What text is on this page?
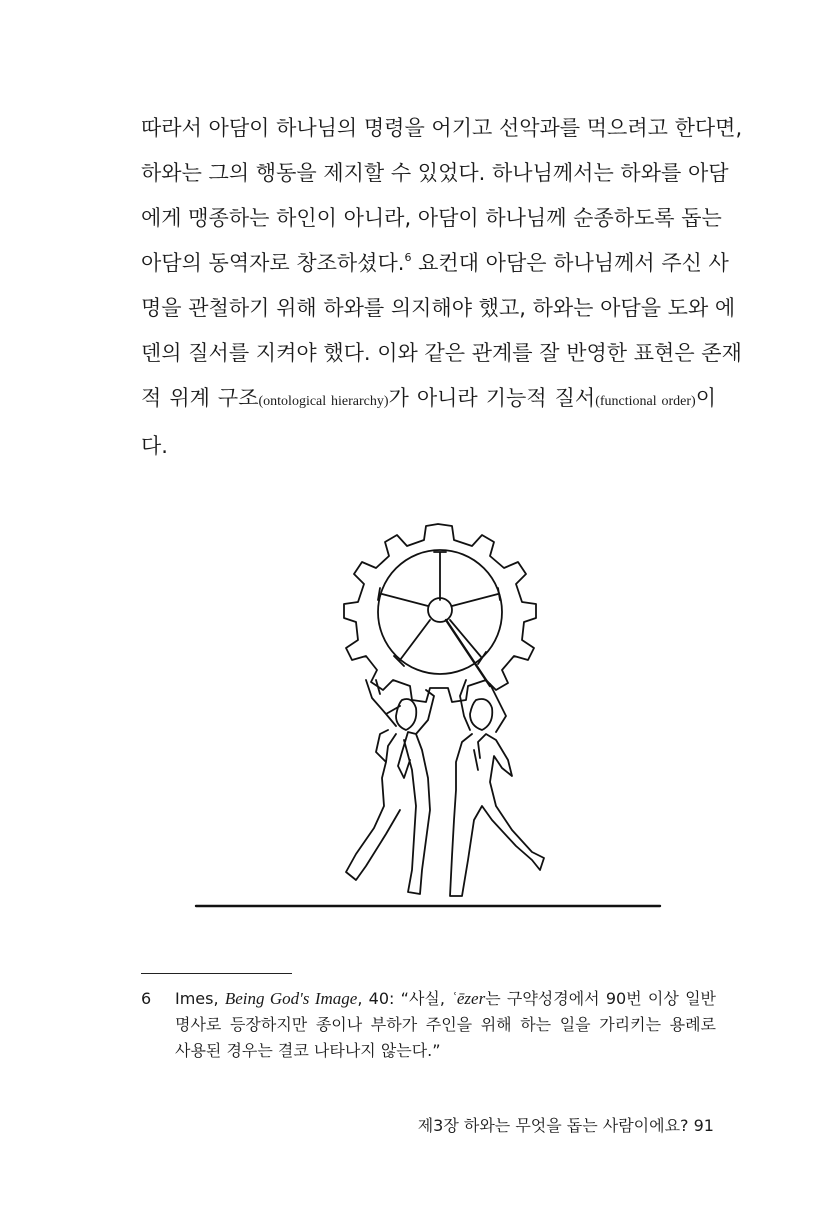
따라서 아담이 하나님의 명령을 어기고 선악과를 먹으려고 한다면,
하와는 그의 행동을 제지할 수 있었다. 하나님께서는 하와를 아담
에게 맹종하는 하인이 아니라, 아담이 하나님께 순종하도록 돕는
아담의 동역자로 창조하셨다.$^6$ 요컨대 아담은 하나님께서 주신 사
명을 관철하기 위해 하와를 의지해야 했고, 하와는 아담을 도와 에
덴의 질서를 지켜야 했다. 이와 같은 관계를 잘 반영한 표현은 존재
적 위계 구조(ontological hierarchy)가 아니라 기능적 질서(functional order)이
다.
6 Imes, Being God's Image, 40: “사실, ʿēzer는 구약성경에서 90번 이상 일반
명사로 등장하지만 종이나 부하가 주인을 위해 하는 일을 가리키는 용례로
사용된 경우는 결코 나타나지 않는다.”
제3장 하와는 무엇을 돕는 사람이에요? 91
